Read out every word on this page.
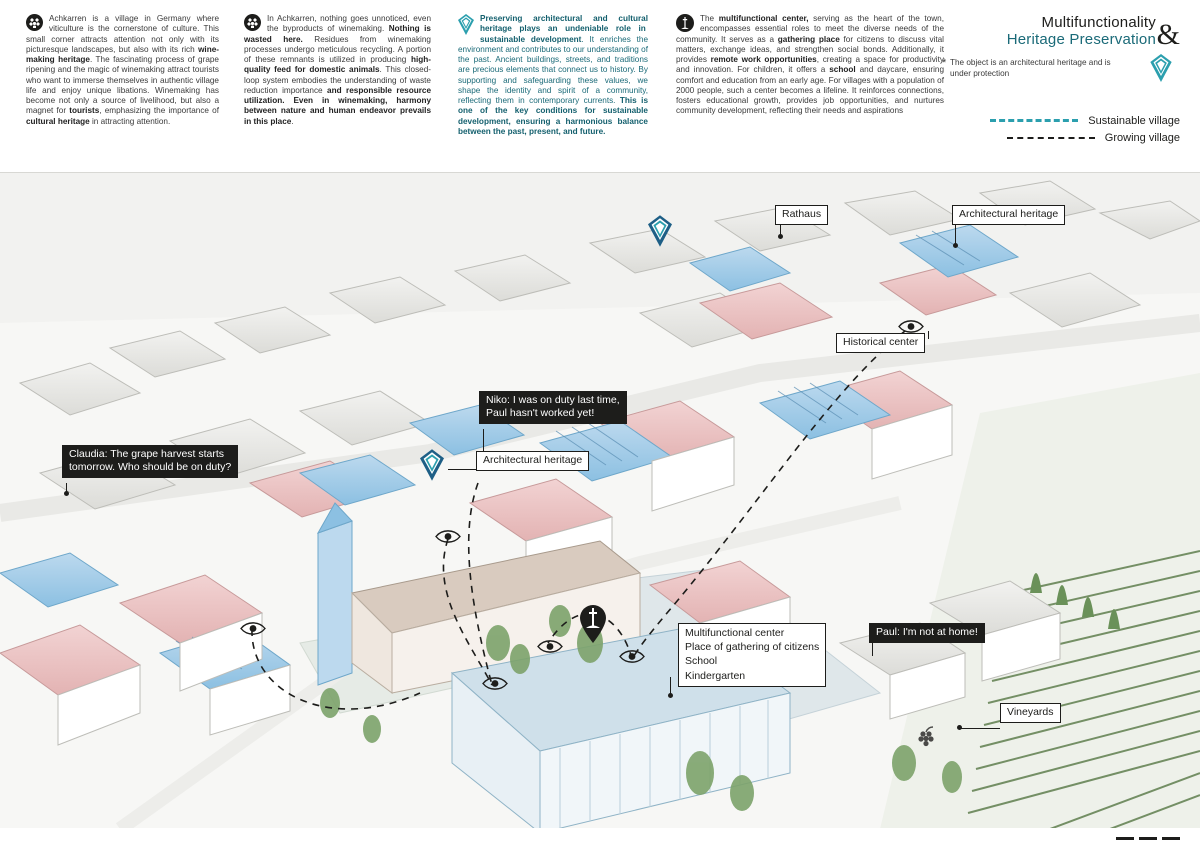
Achkarren is a village in Germany where viticulture is the cornerstone of culture. This small corner attracts attention not only with its picturesque landscapes, but also with its rich wine-making heritage. The fascinating process of grape ripening and the magic of winemaking attract tourists who want to immerse themselves in authentic village life and enjoy unique libations. Winemaking has become not only a source of livelihood, but also a magnet for tourists, emphasizing the importance of cultural heritage in attracting attention.
In Achkarren, nothing goes unnoticed, even the byproducts of winemaking. Nothing is wasted here. Residues from winemaking processes undergo meticulous recycling. A portion of these remnants is utilized in producing high-quality feed for domestic animals. This closed-loop system embodies the understanding of waste reduction importance and responsible resource utilization. Even in winemaking, harmony between nature and human endeavor prevails in this place.
Preserving architectural and cultural heritage plays an undeniable role in  sustainable development. It enriches the environment and contributes to our understanding of the past. Ancient buildings, streets, and traditions are precious elements that connect us to history. By supporting and safeguarding these values, we shape the identity and spirit of a community, reflecting them in contemporary currents. This is one of the key conditions for sustainable development, ensuring a harmonious balance between the past, present, and future.
The multifunctional center, serving as the heart of the town, encompasses essential roles to meet the diverse needs of the community. It serves as a gathering place for citizens to discuss vital matters, exchange ideas, and strengthen social bonds. Additionally, it provides remote work opportunities, creating a space for productivity and innovation. For children, it offers a school and daycare, ensuring comfort and education from an early age. For villages with a population of 2000 people, such a center becomes a lifeline. It reinforces connections, fosters educational growth, provides job opportunities, and nurtures community development, reflecting their needs and aspirations
Multifunctionality
Heritage Preservation &
* The object is an architectural heritage and is under protection
Sustainable village
Growing village
Rathaus	Architectural heritage
Historical center
Niko: I was on duty last time,
Paul hasn't worked yet!
Claudia: The grape harvest starts
tomorrow. Who should be on duty?
Architectural heritage
Multifunctional center
Place of gathering of citizens
School
Kindergarten
Paul: I'm not at home!
Vineyards
